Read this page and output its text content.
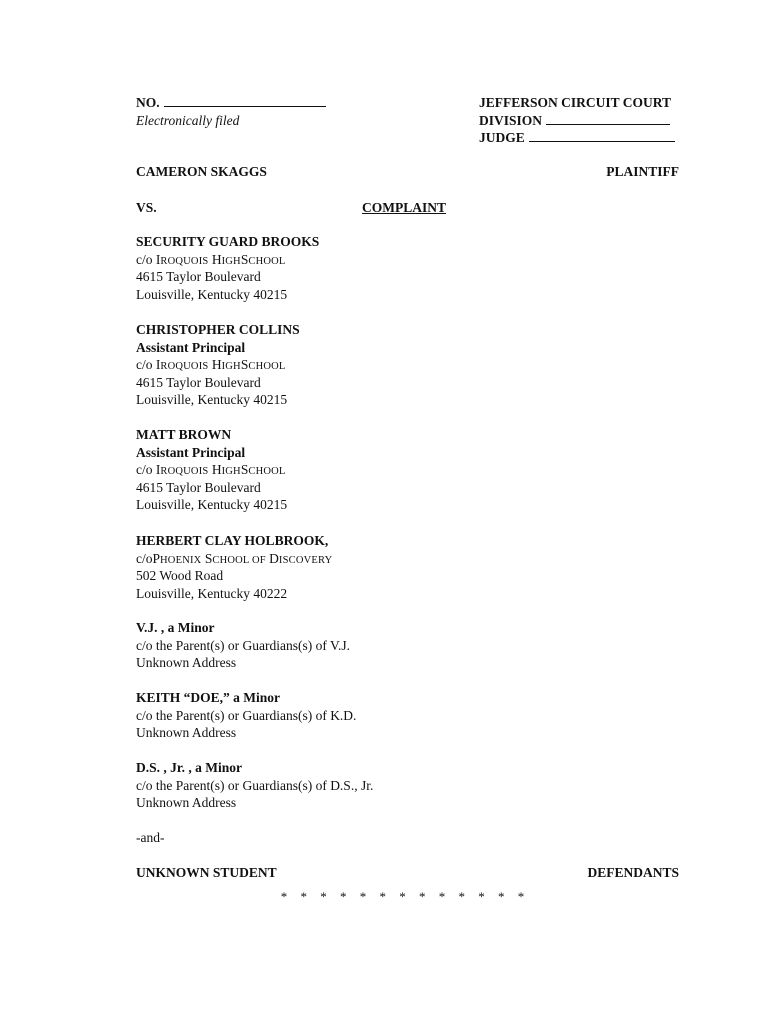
NO.
Electronically filed
JEFFERSON CIRCUIT COURT
DIVISION
JUDGE
CAMERON SKAGGS	PLAINTIFF
VS.	COMPLAINT
SECURITY GUARD BROOKS
c/o IROQUOIS HIGHSCHOOL
4615 Taylor Boulevard
Louisville, Kentucky 40215
CHRISTOPHER COLLINS
Assistant Principal
c/o IROQUOIS HIGHSCHOOL
4615 Taylor Boulevard
Louisville, Kentucky 40215
MATT BROWN
Assistant Principal
c/o IROQUOIS HIGHSCHOOL
4615 Taylor Boulevard
Louisville, Kentucky 40215
HERBERT CLAY HOLBROOK,
c/oPHOENIX SCHOOL OF DISCOVERY
502 Wood Road
Louisville, Kentucky 40222
V.J. , a Minor
c/o the Parent(s) or Guardians(s) of V.J.
Unknown Address
KEITH “DOE,” a Minor
c/o the Parent(s) or Guardians(s) of K.D.
Unknown Address
D.S. , Jr. , a Minor
c/o the Parent(s) or Guardians(s) of D.S., Jr.
Unknown Address
-and-
UNKNOWN STUDENT	DEFENDANTS
* * * * * * * * * * * * *
